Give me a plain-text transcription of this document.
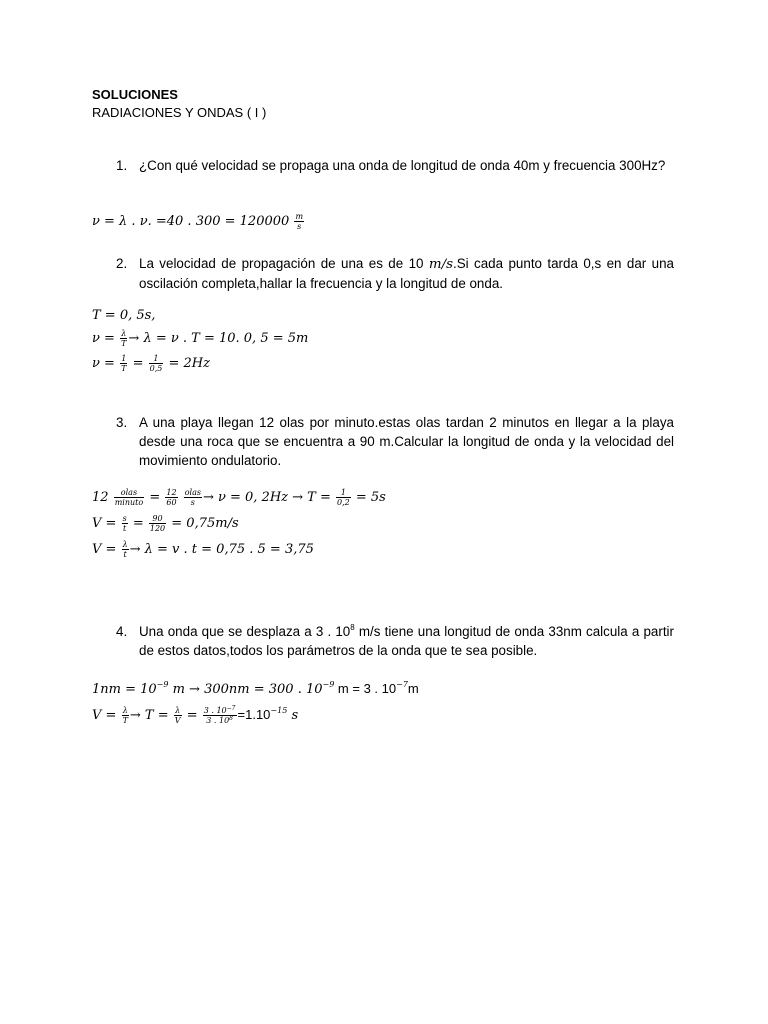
SOLUCIONES
RADIACIONES Y ONDAS ( I )
1. ¿Con qué velocidad se propaga una onda de longitud de onda 40m y frecuencia 300Hz?
ν = λ . ν. =40 . $300 = 120000 \frac{m}{s}$
2. La velocidad de propagación de una es de 10 m/s.Si cada punto tarda 0,s en dar una oscilación completa,hallar la frecuencia y la longitud de onda.
T = 0, 5s,
$\nu = \frac{\lambda}{T} \to \lambda = \nu$ . T = 10. 0, 5 = 5m
$\nu = \frac{1}{T} = \frac{1}{0,5} = 2Hz$
3. A una playa llegan 12 olas por minuto.estas olas tardan 2 minutos en llegar a la playa desde una roca que se encuentra a 90 m.Calcular la longitud de onda y la velocidad del movimiento ondulatorio.
$12 \frac{\text{olas}}{\text{minuto}} = \frac{12}{60}$
$\frac{\text{olas}}{s} \to \nu = 0$, $2Hz \to T = \frac{1}{0,2} = 5s$
$V = \frac{s}{t} = \frac{90}{120} = 0,75m/s$
$V = \frac{\lambda}{t} \to \lambda = v$ . t = 0,75 . 5 = 3,75
4. Una onda que se desplaza a 3 . $10^8$ m/s tiene una longitud de onda 33nm calcula a partir de estos datos,todos los parámetros de la onda que te sea posible.
$1nm = 10^{-9}$ m → 300nm = 300 . $10^{-9}$ m = 3 . $10^{-7}m$
$V = \frac{\lambda}{T} \to T = \frac{\lambda}{V} = \frac{3 . 10^{-7}}{3 . 10^8} =1.10^{-15}$ s
